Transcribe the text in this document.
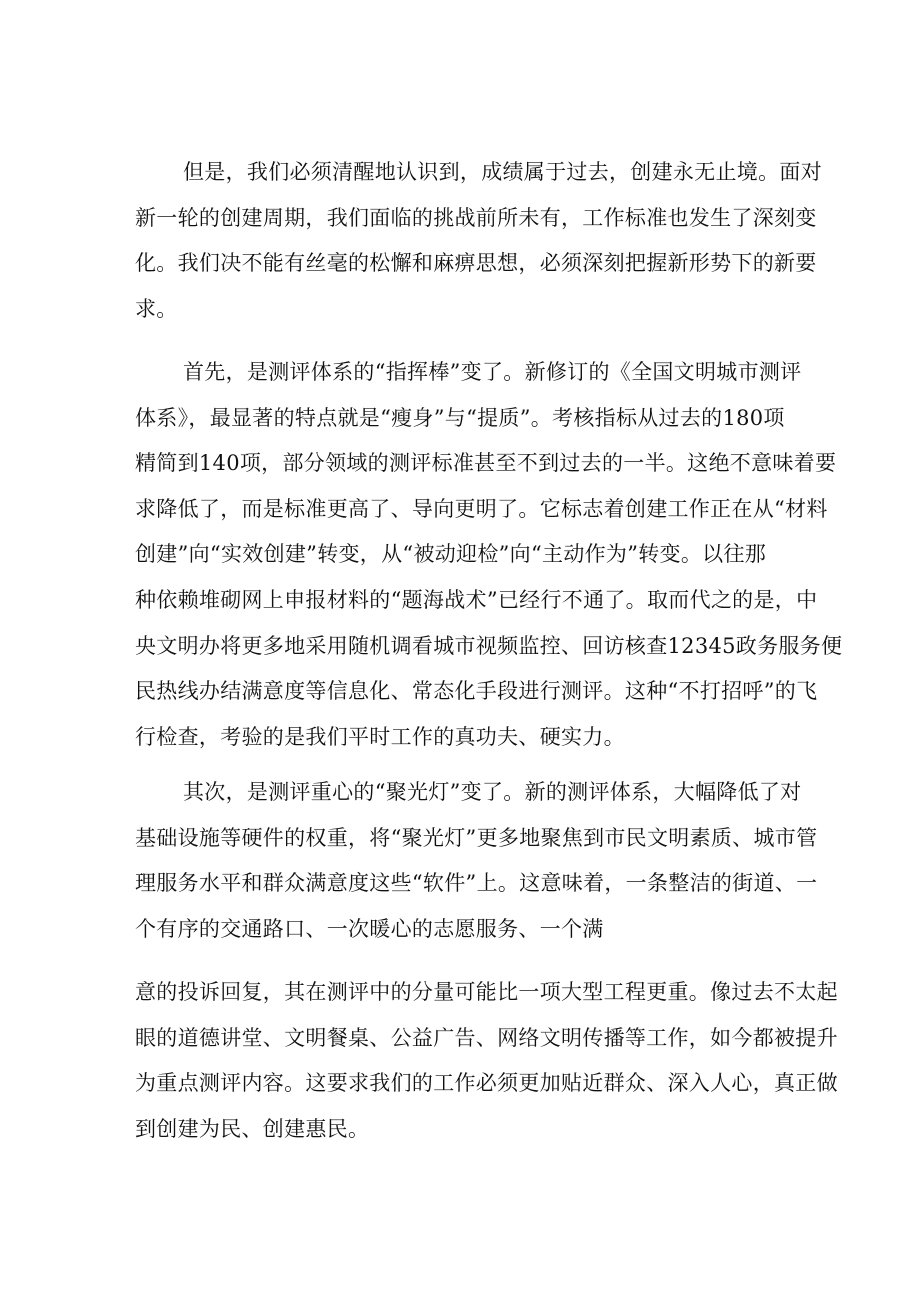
但是，我们必须清醒地认识到，成绩属于过去，创建永无止境。面对
新一轮的创建周期，我们面临的挑战前所未有，工作标准也发生了深刻变
化。我们决不能有丝毫的松懈和麻痹思想，必须深刻把握新形势下的新要
求。
首先，是测评体系的“指挥棒”变了。新修订的《全国文明城市测评
体系》，最显著的特点就是“瘦身”与“提质”。考核指标从过去的180项
精简到140项，部分领域的测评标准甚至不到过去的一半。这绝不意味着要
求降低了，而是标准更高了、导向更明了。它标志着创建工作正在从“材料
创建”向“实效创建”转变，从“被动迎检”向“主动作为”转变。以往那
种依赖堆砌网上申报材料的“题海战术”已经行不通了。取而代之的是，中
央文明办将更多地采用随机调看城市视频监控、回访核查12345政务服务便
民热线办结满意度等信息化、常态化手段进行测评。这种“不打招呼”的飞
行检查，考验的是我们平时工作的真功夫、硬实力。
其次，是测评重心的“聚光灯”变了。新的测评体系，大幅降低了对
基础设施等硬件的权重，将“聚光灯”更多地聚焦到市民文明素质、城市管
理服务水平和群众满意度这些“软件”上。这意味着，一条整洁的街道、一
个有序的交通路口、一次暖心的志愿服务、一个满
意的投诉回复，其在测评中的分量可能比一项大型工程更重。像过去不太起
眼的道德讲堂、文明餐桌、公益广告、网络文明传播等工作，如今都被提升
为重点测评内容。这要求我们的工作必须更加贴近群众、深入人心，真正做
到创建为民、创建惠民。
